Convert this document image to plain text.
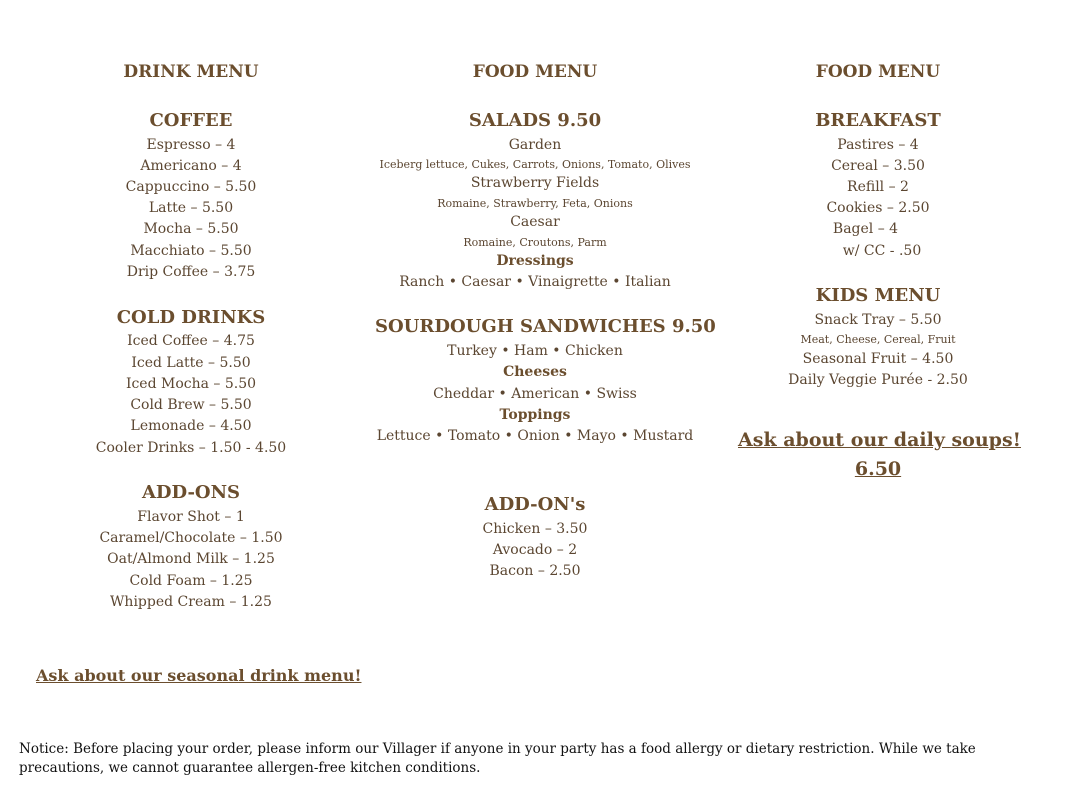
DRINK MENU
COFFEE
Espresso – 4
Americano – 4
Cappuccino – 5.50
Latte – 5.50
Mocha – 5.50
Macchiato – 5.50
Drip Coffee – 3.75
COLD DRINKS
Iced Coffee – 4.75
Iced Latte – 5.50
Iced Mocha – 5.50
Cold Brew – 5.50
Lemonade – 4.50
Cooler Drinks – 1.50 - 4.50
ADD-ONS
Flavor Shot – 1
Caramel/Chocolate – 1.50
Oat/Almond Milk – 1.25
Cold Foam – 1.25
Whipped Cream – 1.25
Ask about our seasonal drink menu!
FOOD MENU
SALADS 9.50
Garden
Iceberg lettuce, Cukes, Carrots, Onions, Tomato, Olives
Strawberry Fields
Romaine, Strawberry, Feta, Onions
Caesar
Romaine, Croutons, Parm
Dressings
Ranch • Caesar • Vinaigrette • Italian
SOURDOUGH SANDWICHES 9.50
Turkey • Ham • Chicken
Cheeses
Cheddar • American • Swiss
Toppings
Lettuce • Tomato • Onion • Mayo • Mustard
ADD-ON's
Chicken – 3.50
Avocado – 2
Bacon – 2.50
FOOD MENU
BREAKFAST
Pastires – 4
Cereal – 3.50
Refill – 2
Cookies – 2.50
Bagel – 4
w/ CC - .50
KIDS MENU
Snack Tray – 5.50
Meat, Cheese, Cereal, Fruit
Seasonal Fruit – 4.50
Daily Veggie Purée - 2.50
Ask about our daily soups!
6.50
Notice: Before placing your order, please inform our Villager if anyone in your party has a food allergy or dietary restriction. While we take precautions, we cannot guarantee allergen-free kitchen conditions.
